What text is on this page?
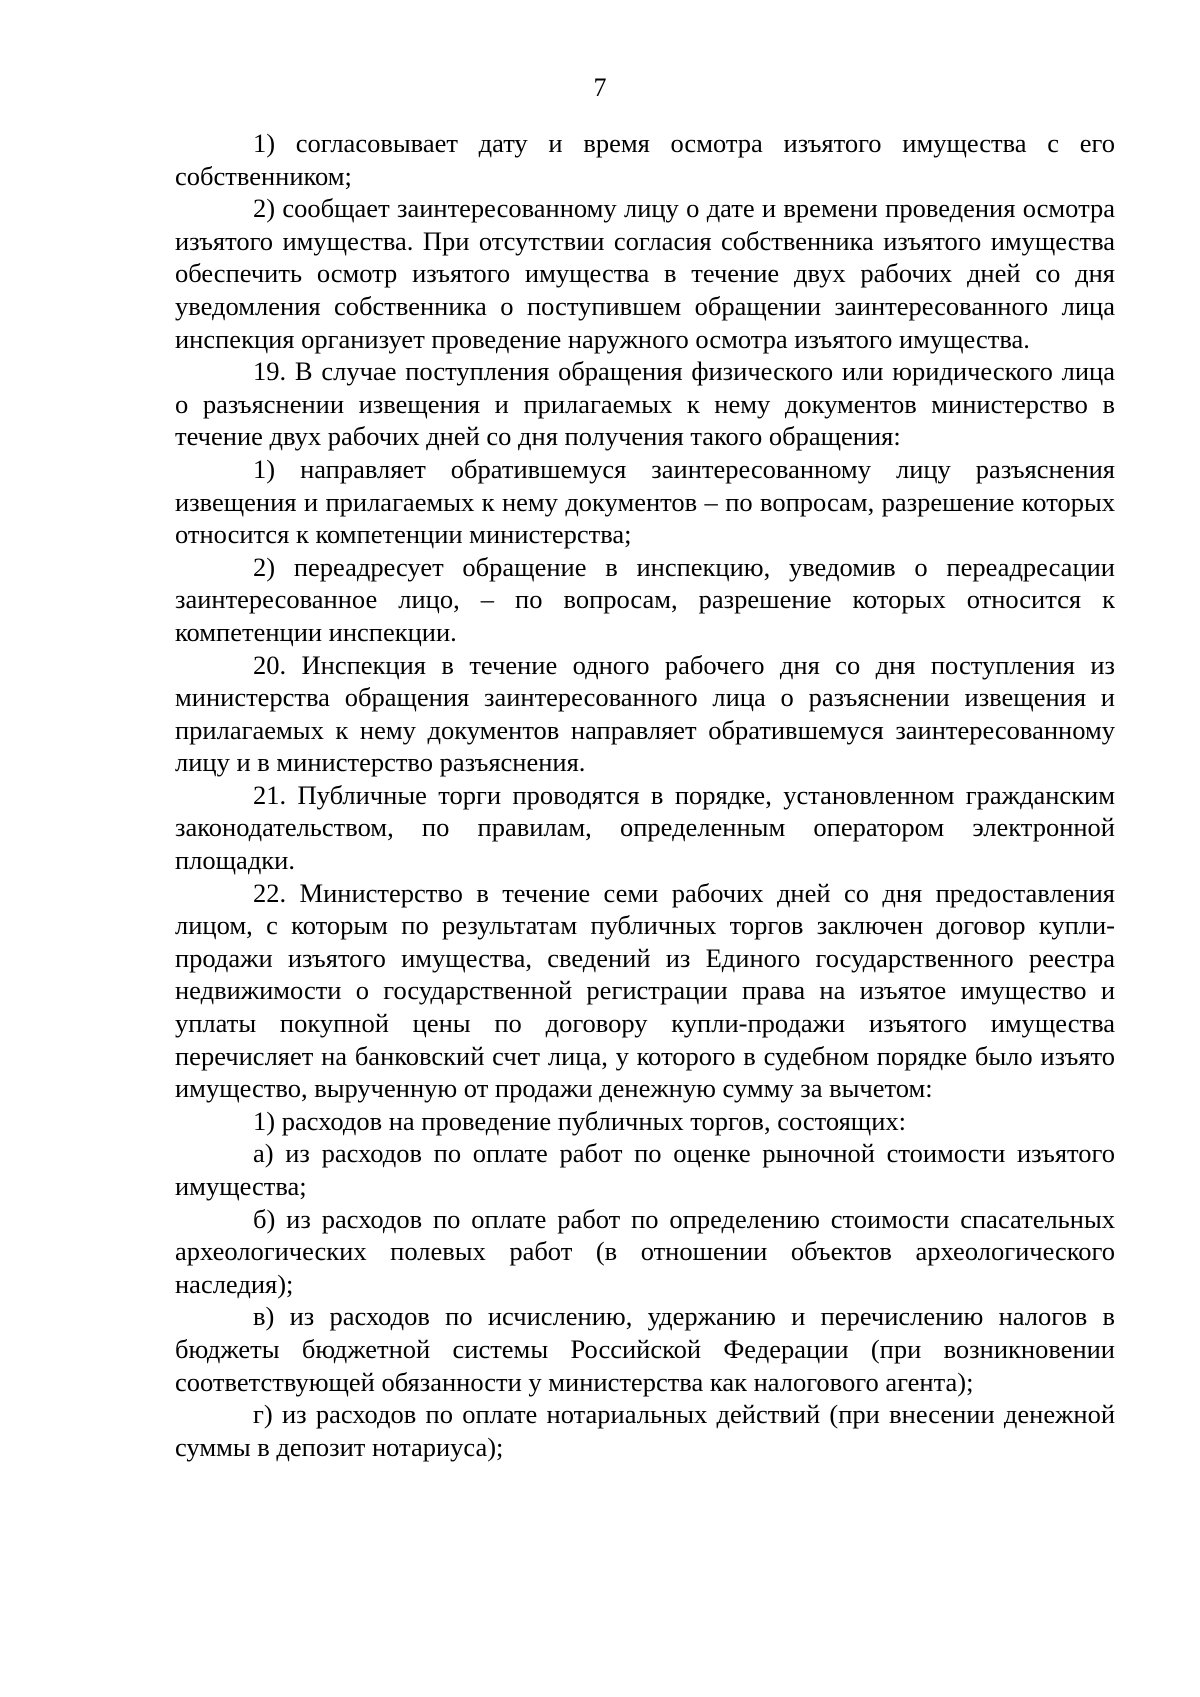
7

1) согласовывает дату и время осмотра изъятого имущества с его собственником;

2) сообщает заинтересованному лицу о дате и времени проведения осмотра изъятого имущества. При отсутствии согласия собственника изъятого имущества обеспечить осмотр изъятого имущества в течение двух рабочих дней со дня уведомления собственника о поступившем обращении заинтересованного лица инспекция организует проведение наружного осмотра изъятого имущества.

19. В случае поступления обращения физического или юридического лица о разъяснении извещения и прилагаемых к нему документов министерство в течение двух рабочих дней со дня получения такого обращения:

1) направляет обратившемуся заинтересованному лицу разъяснения извещения и прилагаемых к нему документов – по вопросам, разрешение которых относится к компетенции министерства;

2) переадресует обращение в инспекцию, уведомив о переадресации заинтересованное лицо, – по вопросам, разрешение которых относится к компетенции инспекции.

20. Инспекция в течение одного рабочего дня со дня поступления из министерства обращения заинтересованного лица о разъяснении извещения и прилагаемых к нему документов направляет обратившемуся заинтересованному лицу и в министерство разъяснения.

21. Публичные торги проводятся в порядке, установленном гражданским законодательством, по правилам, определенным оператором электронной площадки.

22. Министерство в течение семи рабочих дней со дня предоставления лицом, с которым по результатам публичных торгов заключен договор купли-продажи изъятого имущества, сведений из Единого государственного реестра недвижимости о государственной регистрации права на изъятое имущество и уплаты покупной цены по договору купли-продажи изъятого имущества перечисляет на банковский счет лица, у которого в судебном порядке было изъято имущество, вырученную от продажи денежную сумму за вычетом:

1) расходов на проведение публичных торгов, состоящих:

а) из расходов по оплате работ по оценке рыночной стоимости изъятого имущества;

б) из расходов по оплате работ по определению стоимости спасательных археологических полевых работ (в отношении объектов археологического наследия);

в) из расходов по исчислению, удержанию и перечислению налогов в бюджеты бюджетной системы Российской Федерации (при возникновении соответствующей обязанности у министерства как налогового агента);

г) из расходов по оплате нотариальных действий (при внесении денежной суммы в депозит нотариуса);
